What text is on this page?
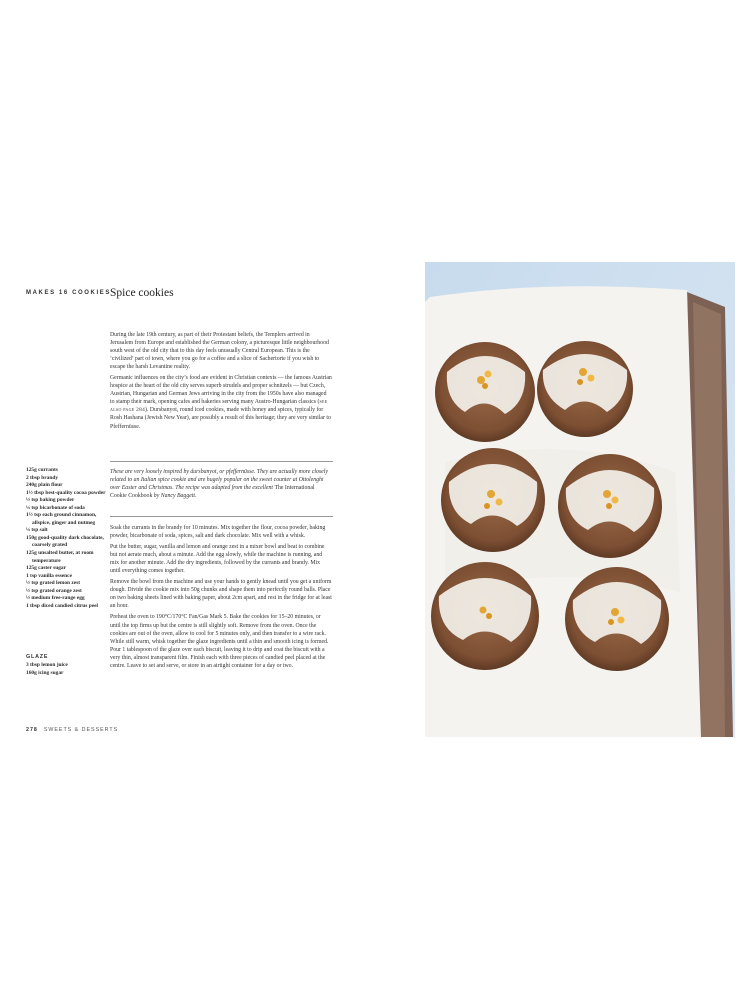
MAKES 16 COOKIES Spice cookies

During the late 19th century, as part of their Protestant beliefs, the Templers arrived in Jerusalem from Europe and established the German colony, a picturesque little neighbourhood south west of the old city that to this day feels unusually Central European. This is the ‘civilized’ part of town, where you go for a coffee and a slice of Sachertorte if you wish to escape the harsh Levantine reality.

Germanic influences on the city’s food are evident in Christian contexts — the famous Austrian hospice at the heart of the old city serves superb strudels and proper schnitzels — but Czech, Austrian, Hungarian and German Jews arriving in the city from the 1950s have also managed to stamp their mark, opening cafes and bakeries serving many Austro-Hungarian classics (see also page 284). Dursbanyot, round iced cookies, made with honey and spices, typically for Rosh Hashana (Jewish New Year), are possibly a result of this heritage; they are very similar to Pfeffernüsse.

These are very loosely inspired by dursbanyot, or pfeffernüsse. They are actually more closely related to an Italian spice cookie and are hugely popular on the sweet counter at Ottolenghi over Easter and Christmas. The recipe was adapted from the excellent The International Cookie Cookbook by Nancy Baggett.

Soak the currants in the brandy for 10 minutes. Mix together the flour, cocoa powder, baking powder, bicarbonate of soda, spices, salt and dark chocolate. Mix well with a whisk.

Put the butter, sugar, vanilla and lemon and orange zest in a mixer bowl and beat to combine but not aerate much, about a minute. Add the egg slowly, while the machine is running, and mix for another minute. Add the dry ingredients, followed by the currants and brandy. Mix until everything comes together.

Remove the bowl from the machine and use your hands to gently knead until you get a uniform dough. Divide the cookie mix into 50g chunks and shape them into perfectly round balls. Place on two baking sheets lined with baking paper, about 2cm apart, and rest in the fridge for at least an hour.

Preheat the oven to 190°C/170°C Fan/Gas Mark 5. Bake the cookies for 15–20 minutes, or until the top firms up but the centre is still slightly soft. Remove from the oven. Once the cookies are out of the oven, allow to cool for 5 minutes only, and then transfer to a wire rack. While still warm, whisk together the glaze ingredients until a thin and smooth icing is formed. Pour 1 tablespoon of the glaze over each biscuit, leaving it to drip and coat the biscuit with a very thin, almost transparent film. Finish each with three pieces of candied peel placed at the centre. Leave to set and serve, or store in an airtight container for a day or two.

125g currants
2 tbsp brandy
240g plain flour
1½ tbsp best-quality cocoa powder
½ tsp baking powder
¼ tsp bicarbonate of soda
1½ tsp each ground cinnamon, allspice, ginger and nutmeg
¼ tsp salt
150g good-quality dark chocolate, coarsely grated
125g unsalted butter, at room temperature
125g caster sugar
1 tsp vanilla essence
½ tsp grated lemon zest
½ tsp grated orange zest
½ medium free-range egg
1 tbsp diced candied citrus peel
GLAZE
3 tbsp lemon juice
160g icing sugar
278 SWEETS & DESSERTS
